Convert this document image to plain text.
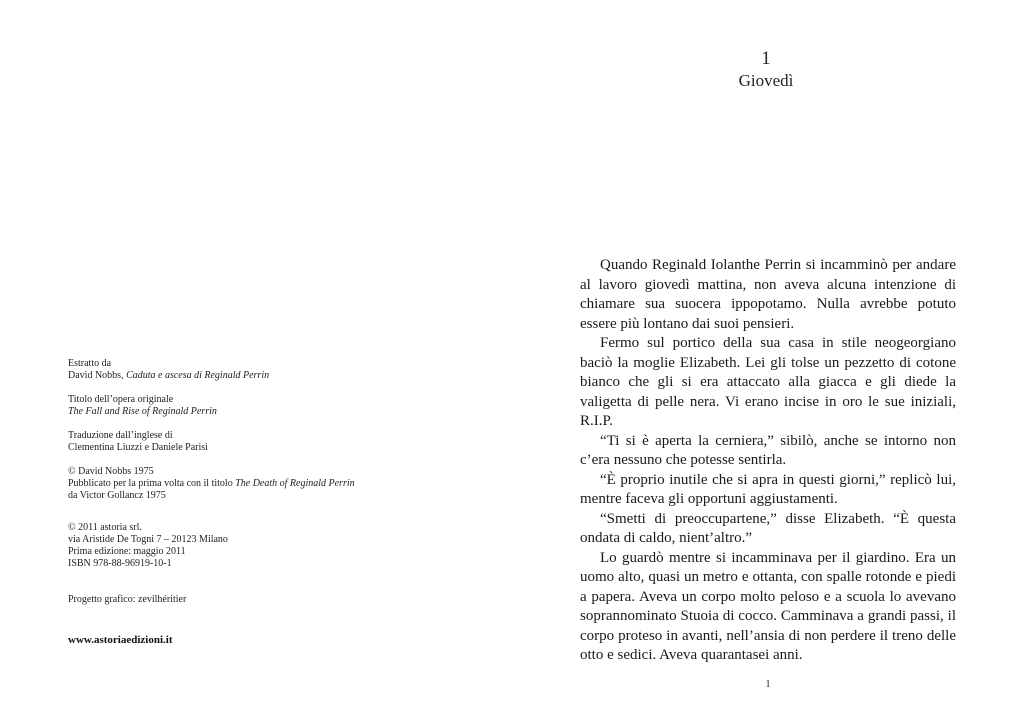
Estratto da
David Nobbs, Caduta e ascesa di Reginald Perrin
Titolo dell’opera originale
The Fall and Rise of Reginald Perrin
Traduzione dall’inglese di
Clementina Liuzzi e Daniele Parisi
© David Nobbs 1975
Pubblicato per la prima volta con il titolo The Death of Reginald Perrin
da Victor Gollancz 1975
© 2011 astoria srl.
via Aristide De Togni 7 – 20123 Milano
Prima edizione: maggio 2011
ISBN 978-88-96919-10-1
Progetto grafico: zevilhéritier
www.astoriaedizioni.it
1
Giovedì

Quando Reginald Iolanthe Perrin si incamminò per andare al lavoro giovedì mattina, non aveva alcuna intenzione di chiamare sua suocera ippopotamo. Nulla avrebbe potuto essere più lontano dai suoi pensieri.

Fermo sul portico della sua casa in stile neogeorgiano baciò la moglie Elizabeth. Lei gli tolse un pezzetto di cotone bianco che gli si era attaccato alla giacca e gli diede la valigetta di pelle nera. Vi erano incise in oro le sue iniziali, R.I.P.

“Ti si è aperta la cerniera,” sibilò, anche se intorno non c’era nessuno che potesse sentirla.

“È proprio inutile che si apra in questi giorni,” replicò lui, mentre faceva gli opportuni aggiustamenti.

“Smetti di preoccupartene,” disse Elizabeth. “È questa ondata di caldo, nient’altro.”

Lo guardò mentre si incamminava per il giardino. Era un uomo alto, quasi un metro e ottanta, con spalle rotonde e piedi a papera. Aveva un corpo molto peloso e a scuola lo avevano soprannominato Stuoia di cocco. Camminava a grandi passi, il corpo proteso in avanti, nell’ansia di non perdere il treno delle otto e sedici. Aveva quarantasei anni.

1
